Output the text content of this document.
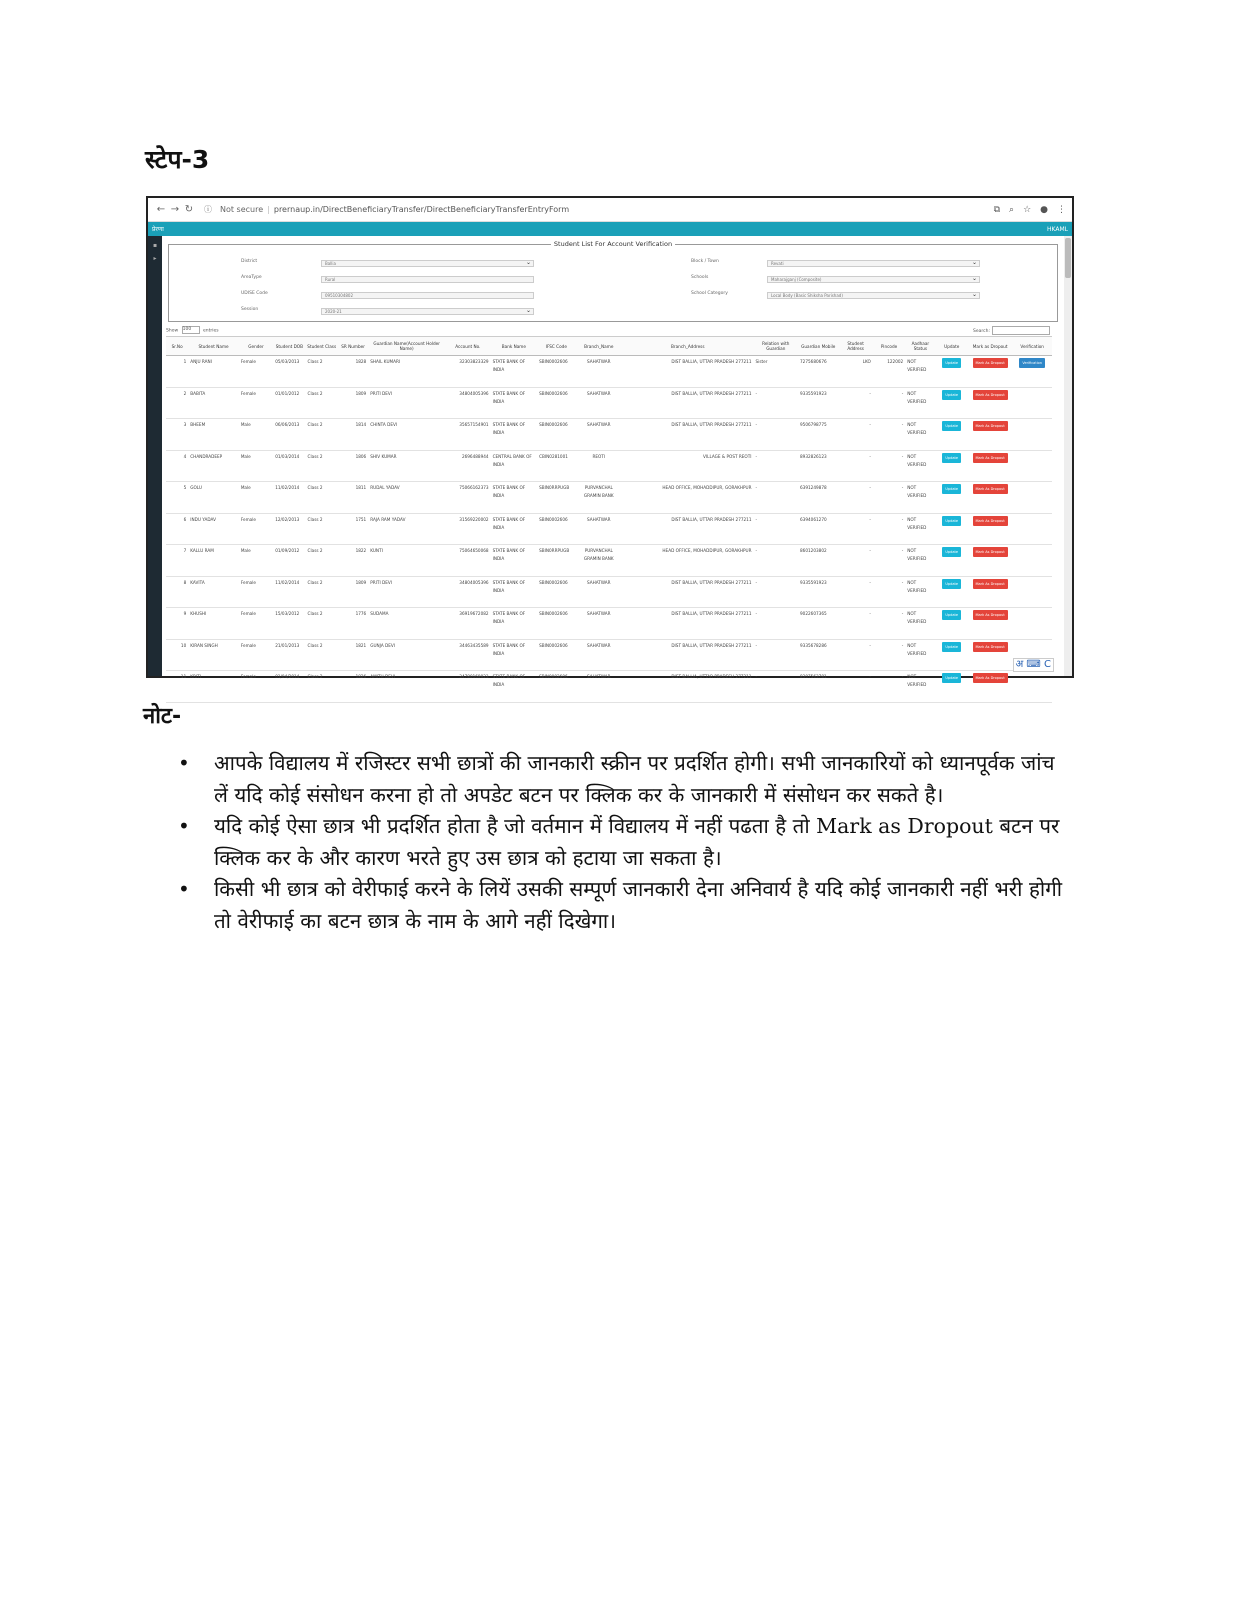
स्टेप-3
← → ↻	ⓘ Not secure | prernaup.in/DirectBeneficiaryTransfer/DirectBeneficiaryTransferEntryForm	⧉ ⌕ ☆ ● ⋮
प्रेरणा	HKAML
▪
▸
Student List For Account Verification
District	Ballia	⌄	Block / Town	Revati	⌄
AreaType	Rural	Schools	Maharajganj (Composite)	⌄
UDISE Code	09510304802	School Category	Local Body (Basic Shiksha Parishad)	⌄
Session	2020-21	⌄
Show 100	entries	Search:
Sr.No	Student Name	Gender	Student DOB	Student Class	SR Number	Guardian Name(Account Holder Name)	Account No.	Bank Name	IFSC Code	Branch_Name	Branch_Address	Relation with Guardian	Guardian Mobile	Student Address	Pincode	Aadhaar Status	Update	Mark as Dropout	Verification
1	ANJU RANI	Female	05/03/2013	Class 2	1828	SHAIL KUMARI	32303823329	STATE BANK OF INDIA	SBIN0002606	SAHATWAR	DIST BALLIA, UTTAR PRADESH 277211	Sister	7275680676	LKO	122002	NOT VERIFIED	Update	Mark As Dropout	Verification
2	BABITA	Female	01/01/2012	Class 2	1809	PRITI DEVI	34804005396	STATE BANK OF INDIA	SBIN0002606	SAHATWAR	DIST BALLIA, UTTAR PRADESH 277211	-	9335591923	-	-	NOT VERIFIED	Update	Mark As Dropout	
3	BHEEM	Male	06/06/2013	Class 2	1814	CHINTA DEVI	35657154901	STATE BANK OF INDIA	SBIN0002606	SAHATWAR	DIST BALLIA, UTTAR PRADESH 277211	-	9506798775	-	-	NOT VERIFIED	Update	Mark As Dropout	
4	CHANDRADEEP	Male	01/03/2014	Class 2	1806	SHIV KUMAR	2696488944	CENTRAL BANK OF INDIA	CBIN0281001	REOTI	VILLAGE & POST REOTI	-	8932826123	-	-	NOT VERIFIED	Update	Mark As Dropout	
5	GOLU	Male	11/02/2014	Class 2	1811	RUDAL YADAV	75066162373	STATE BANK OF INDIA	SBIN0RRPUGB	PURVANCHAL GRAMIN BANK	HEAD OFFICE, MOHADDIPUR, GORAKHPUR	-	6391249878	-	-	NOT VERIFIED	Update	Mark As Dropout	
6	INDU YADAV	Female	12/02/2013	Class 2	1751	RAJA RAM YADAV	31569220002	STATE BANK OF INDIA	SBIN0002606	SAHATWAR	DIST BALLIA, UTTAR PRADESH 277211	-	6394061270	-	-	NOT VERIFIED	Update	Mark As Dropout	
7	KALLU RAM	Male	01/09/2012	Class 2	1822	KUNTI	75064650068	STATE BANK OF INDIA	SBIN0RRPUGB	PURVANCHAL GRAMIN BANK	HEAD OFFICE, MOHADDIPUR, GORAKHPUR	-	8601203802	-	-	NOT VERIFIED	Update	Mark As Dropout	
8	KAVITA	Female	11/02/2014	Class 2	1809	PRITI DEVI	34804005396	STATE BANK OF INDIA	SBIN0002606	SAHATWAR	DIST BALLIA, UTTAR PRADESH 277211	-	9335591923	-	-	NOT VERIFIED	Update	Mark As Dropout	
9	KHUSHI	Female	15/03/2012	Class 2	1776	SUDAMA	36919672082	STATE BANK OF INDIA	SBIN0002606	SAHATWAR	DIST BALLIA, UTTAR PRADESH 277211	-	9022607365	-	-	NOT VERIFIED	Update	Mark As Dropout	
10	KIRAN SINGH	Female	21/01/2013	Class 2	1821	GUNJA DEVI	34463435589	STATE BANK OF INDIA	SBIN0002606	SAHATWAR	DIST BALLIA, UTTAR PRADESH 277211	-	9335678286	-	-	NOT VERIFIED	Update	Mark As Dropout	
11	KRITI	Female	01/04/2014	Class 2	1826	AMITH DEVI	34780169923	STATE BANK OF INDIA	SBIN0002606	SAHATWAR	DIST BALLIA, UTTAR PRADESH 277211	-	8307563781	-	-	NOT VERIFIED	Update	Mark As Dropout	
अ ⌨ C
नोट-
• आपके विद्यालय में रजिस्टर सभी छात्रों की जानकारी स्क्रीन पर प्रदर्शित होगी। सभी जानकारियों को ध्यानपूर्वक जांच लें यदि कोई संसोधन करना हो तो अपडेट बटन पर क्लिक कर के जानकारी में संसोधन कर सकते है।
• यदि कोई ऐसा छात्र भी प्रदर्शित होता है जो वर्तमान में विद्यालय में नहीं पढता है तो Mark as Dropout बटन पर क्लिक कर के और कारण भरते हुए उस छात्र को हटाया जा सकता है।
• किसी भी छात्र को वेरीफाई करने के लियें उसकी सम्पूर्ण जानकारी देना अनिवार्य है यदि कोई जानकारी नहीं भरी होगी तो वेरीफाई का बटन छात्र के नाम के आगे नहीं दिखेगा।
